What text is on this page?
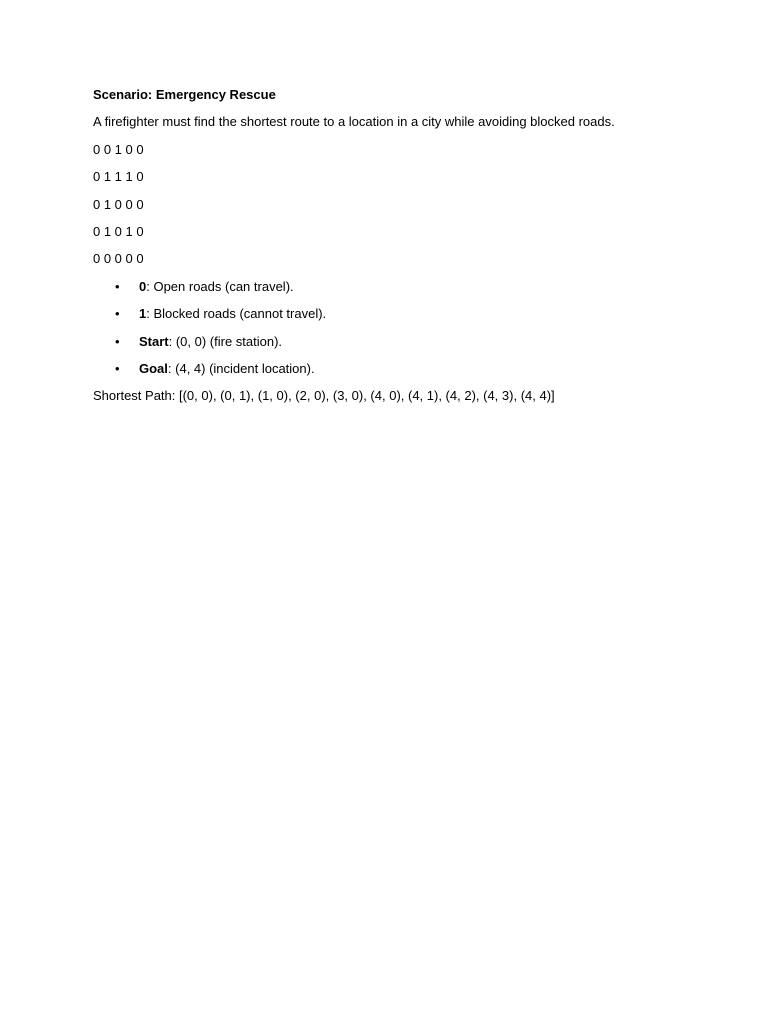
Scenario: Emergency Rescue

A firefighter must find the shortest route to a location in a city while avoiding blocked roads.

0 0 1 0 0

0 1 1 1 0

0 1 0 0 0

0 1 0 1 0

0 0 0 0 0

• 0: Open roads (can travel).
• 1: Blocked roads (cannot travel).
• Start: (0, 0) (fire station).
• Goal: (4, 4) (incident location).

Shortest Path: [(0, 0), (0, 1), (1, 0), (2, 0), (3, 0), (4, 0), (4, 1), (4, 2), (4, 3), (4, 4)]
